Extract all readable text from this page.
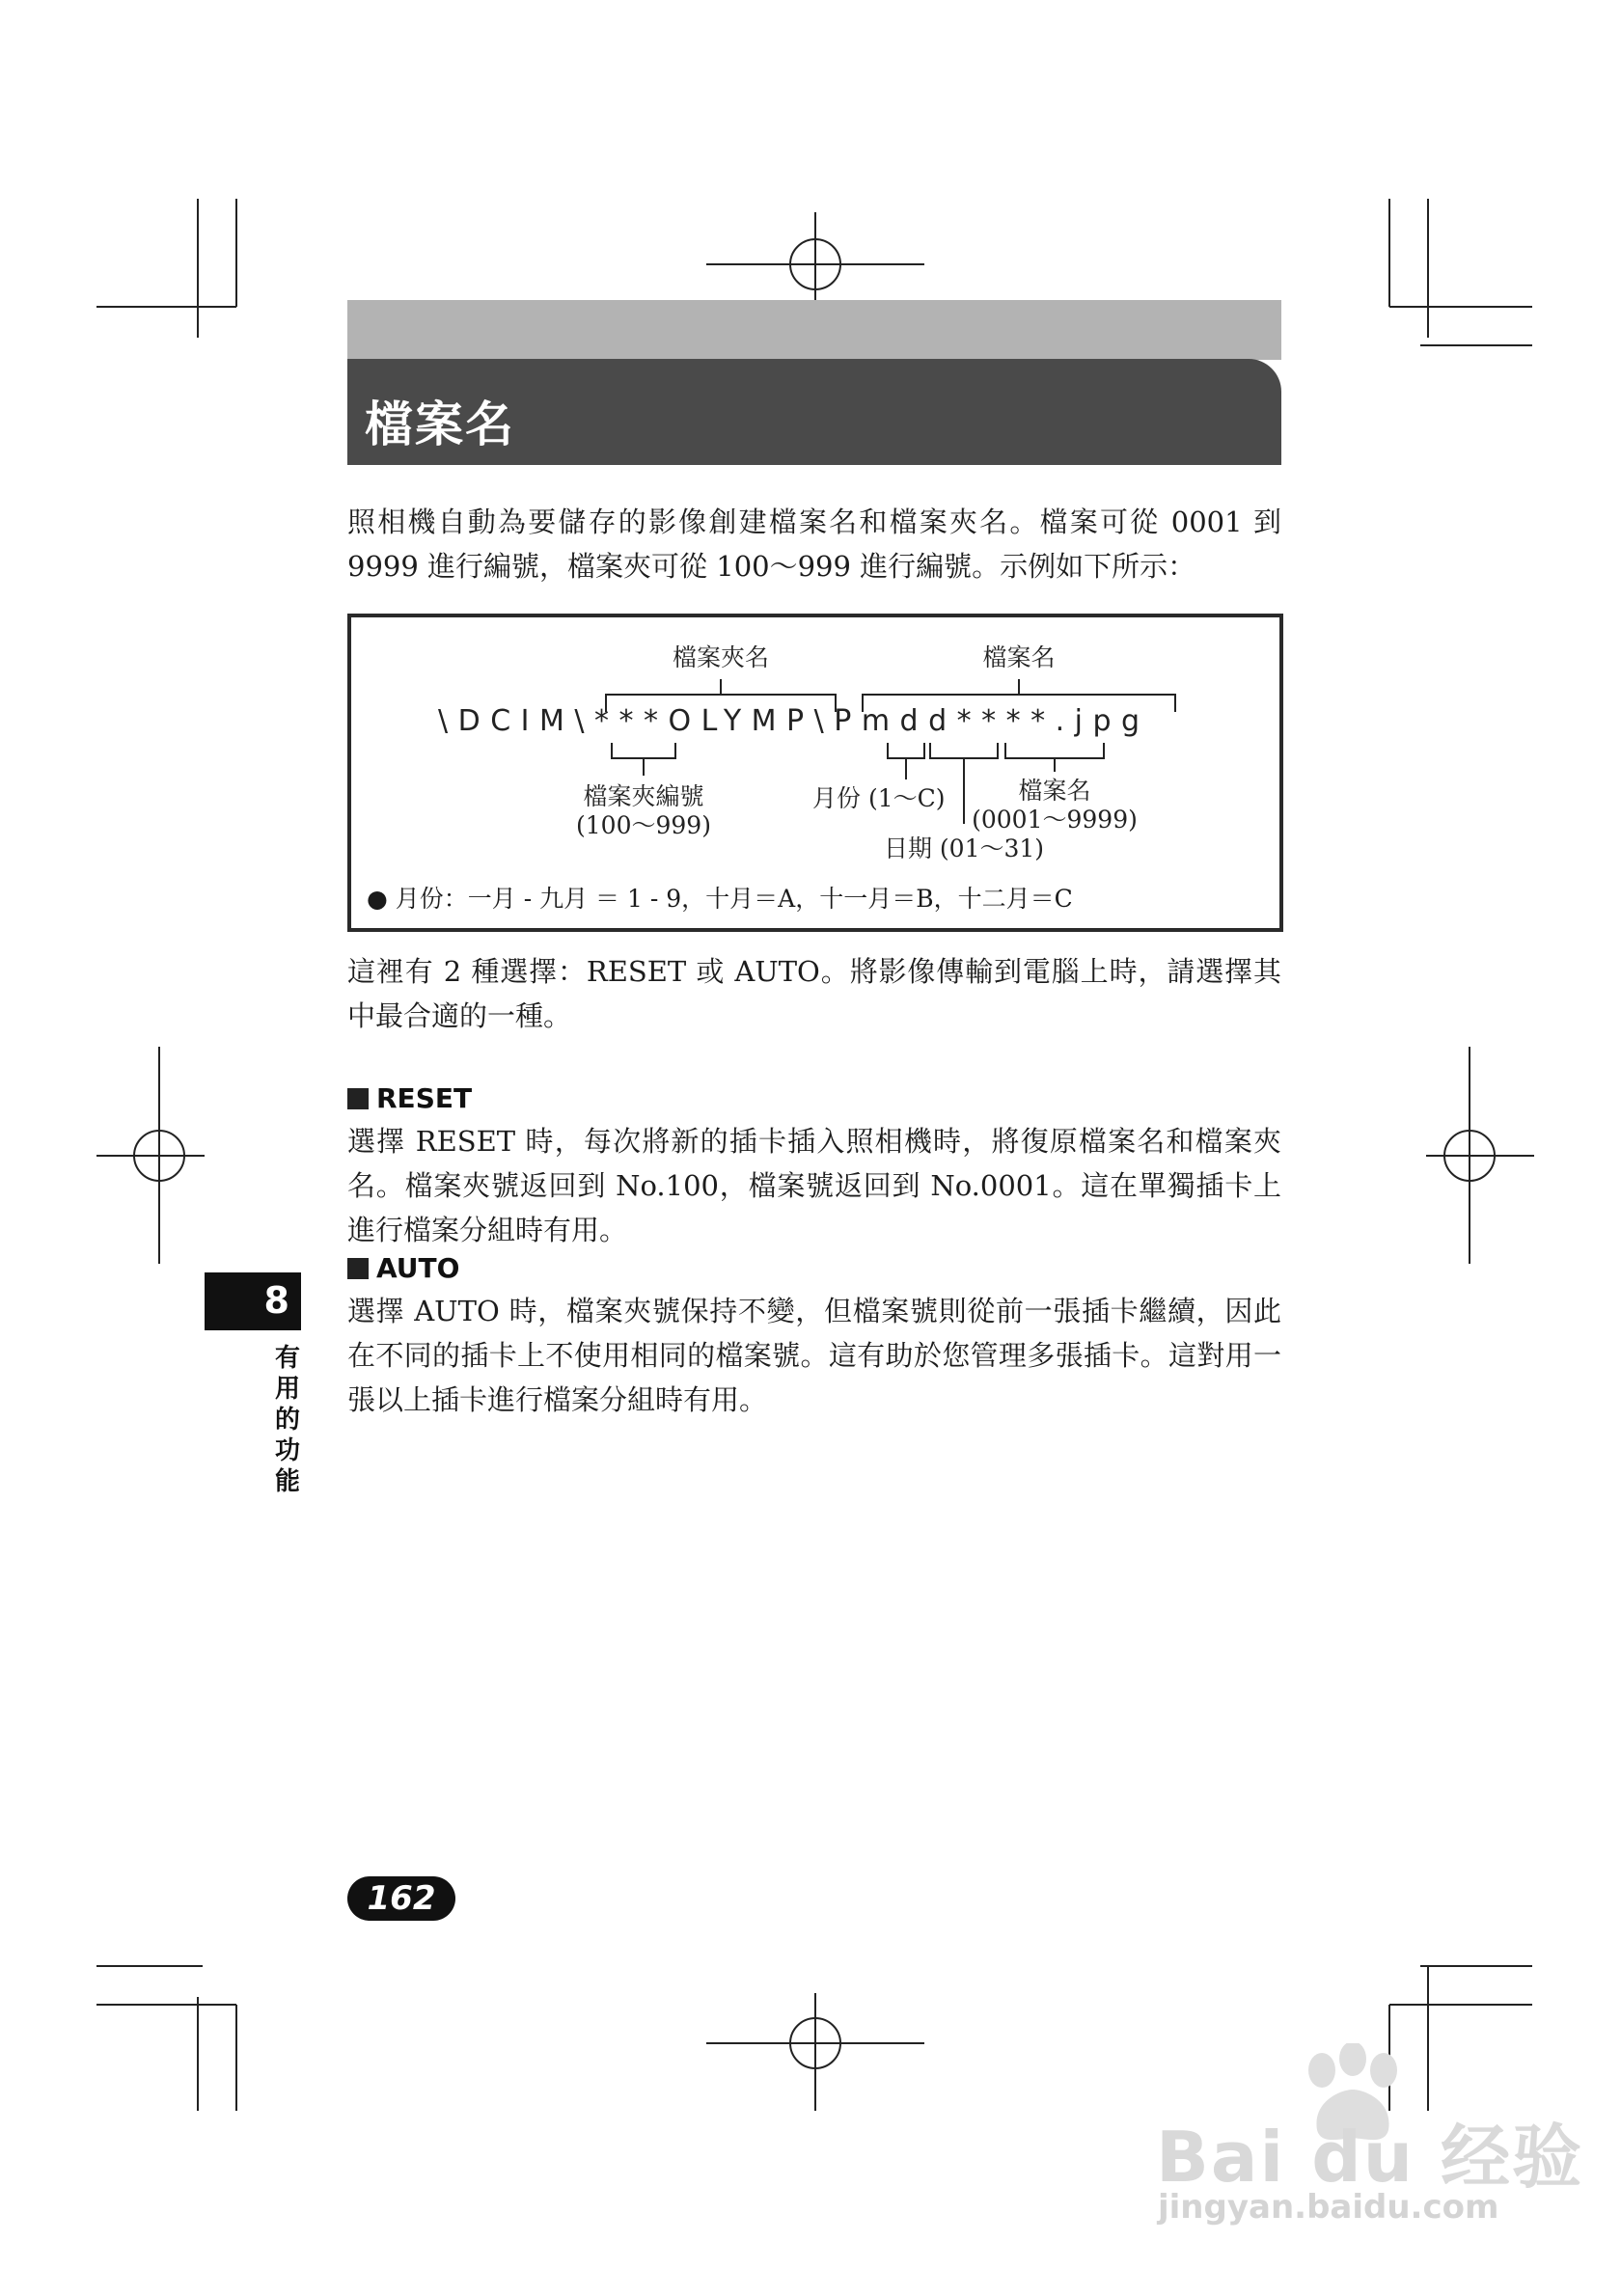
檔案名
照相機自動為要儲存的影像創建檔案名和檔案夾名。檔案可從 0001 到 9999 進行編號，檔案夾可從 100～999 進行編號。示例如下所示：
檔案夾名	檔案名
\DCIM\***OLYMP\Pmdd****.jpg
檔案夾編號
(100～999)
月份 (1～C)	檔案名
(0001～9999)
日期 (01～31)
● 月份：一月 - 九月 ＝ 1 - 9，十月＝A，十一月＝B，十二月＝C
這裡有 2 種選擇：RESET 或 AUTO。將影像傳輸到電腦上時，請選擇其中最合適的一種。
RESET
選擇 RESET 時，每次將新的插卡插入照相機時，將復原檔案名和檔案夾名。檔案夾號返回到 No.100，檔案號返回到 No.0001。這在單獨插卡上進行檔案分組時有用。
AUTO
選擇 AUTO 時，檔案夾號保持不變，但檔案號則從前一張插卡繼續，因此在不同的插卡上不使用相同的檔案號。這有助於您管理多張插卡。這對用一張以上插卡進行檔案分組時有用。
8
有用的功能
162
Bai du 经验
jingyan.baidu.com
